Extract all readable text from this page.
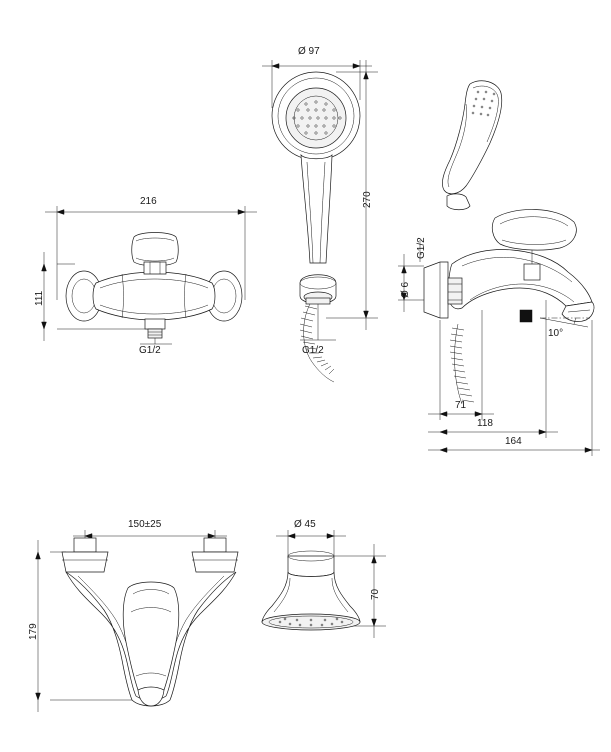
216
111
G1/2
Ø 97
270
G1/2
G1/2
Ø 6
10°
71
118
164
150±25
179
Ø 45
70
